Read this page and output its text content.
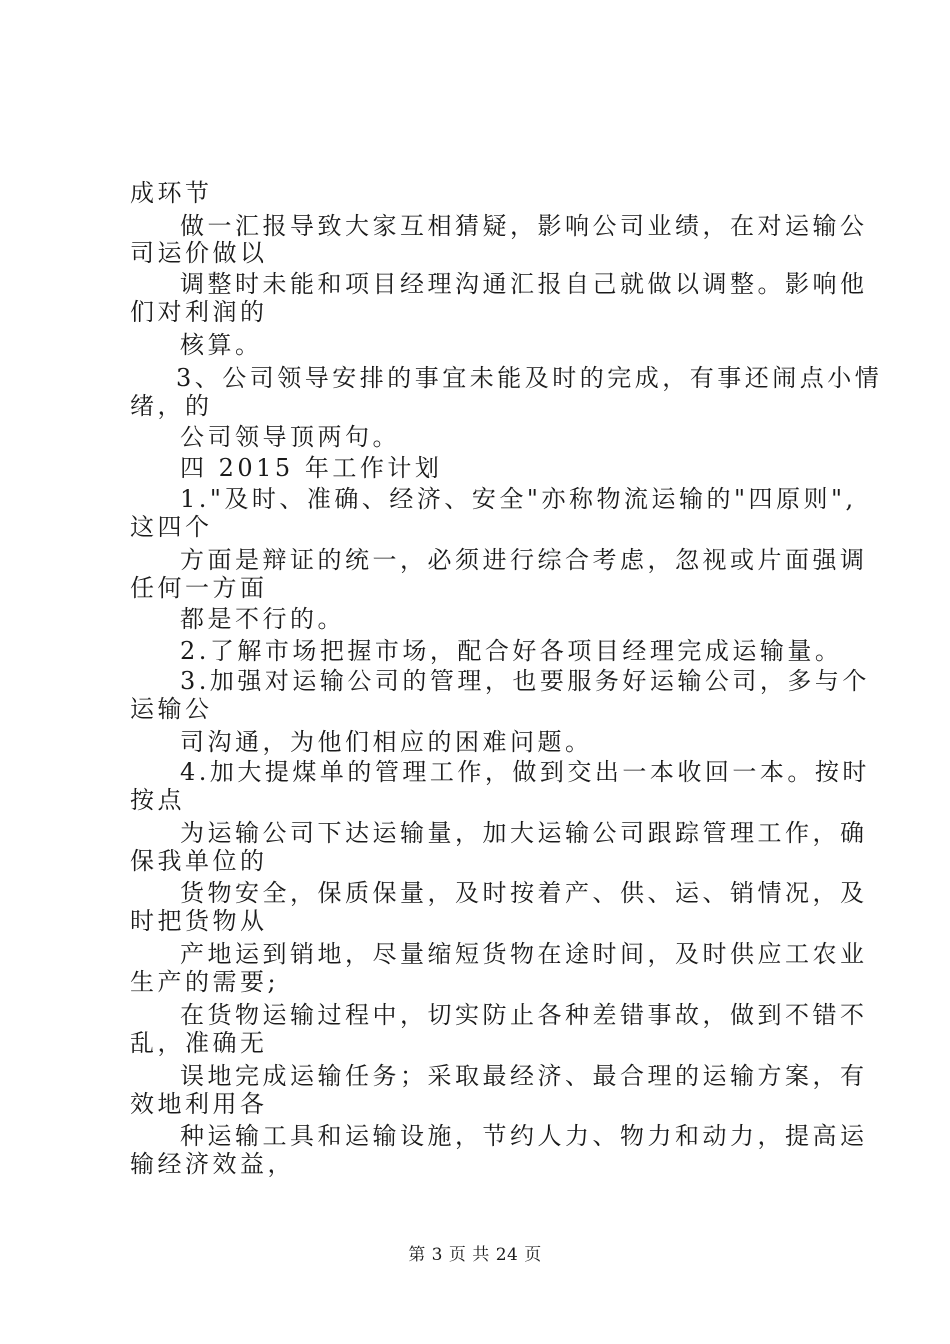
成环节
做一汇报导致大家互相猜疑，影响公司业绩，在对运输公
司运价做以
调整时未能和项目经理沟通汇报自己就做以调整。影响他
们对利润的
核算。
3、公司领导安排的事宜未能及时的完成，有事还闹点小情
绪，的
公司领导顶两句。
四 2015 年工作计划
1."及时、准确、经济、安全"亦称物流运输的"四原则",
这四个
方面是辩证的统一，必须进行综合考虑，忽视或片面强调
任何一方面
都是不行的。
2.了解市场把握市场，配合好各项目经理完成运输量。
3.加强对运输公司的管理，也要服务好运输公司，多与个
运输公
司沟通，为他们相应的困难问题。
4.加大提煤单的管理工作，做到交出一本收回一本。按时
按点
为运输公司下达运输量，加大运输公司跟踪管理工作，确
保我单位的
货物安全，保质保量，及时按着产、供、运、销情况，及
时把货物从
产地运到销地，尽量缩短货物在途时间，及时供应工农业
生产的需要;
在货物运输过程中，切实防止各种差错事故，做到不错不
乱，准确无
误地完成运输任务；采取最经济、最合理的运输方案，有
效地利用各
种运输工具和运输设施，节约人力、物力和动力，提高运
输经济效益，
第 3 页 共 24 页
